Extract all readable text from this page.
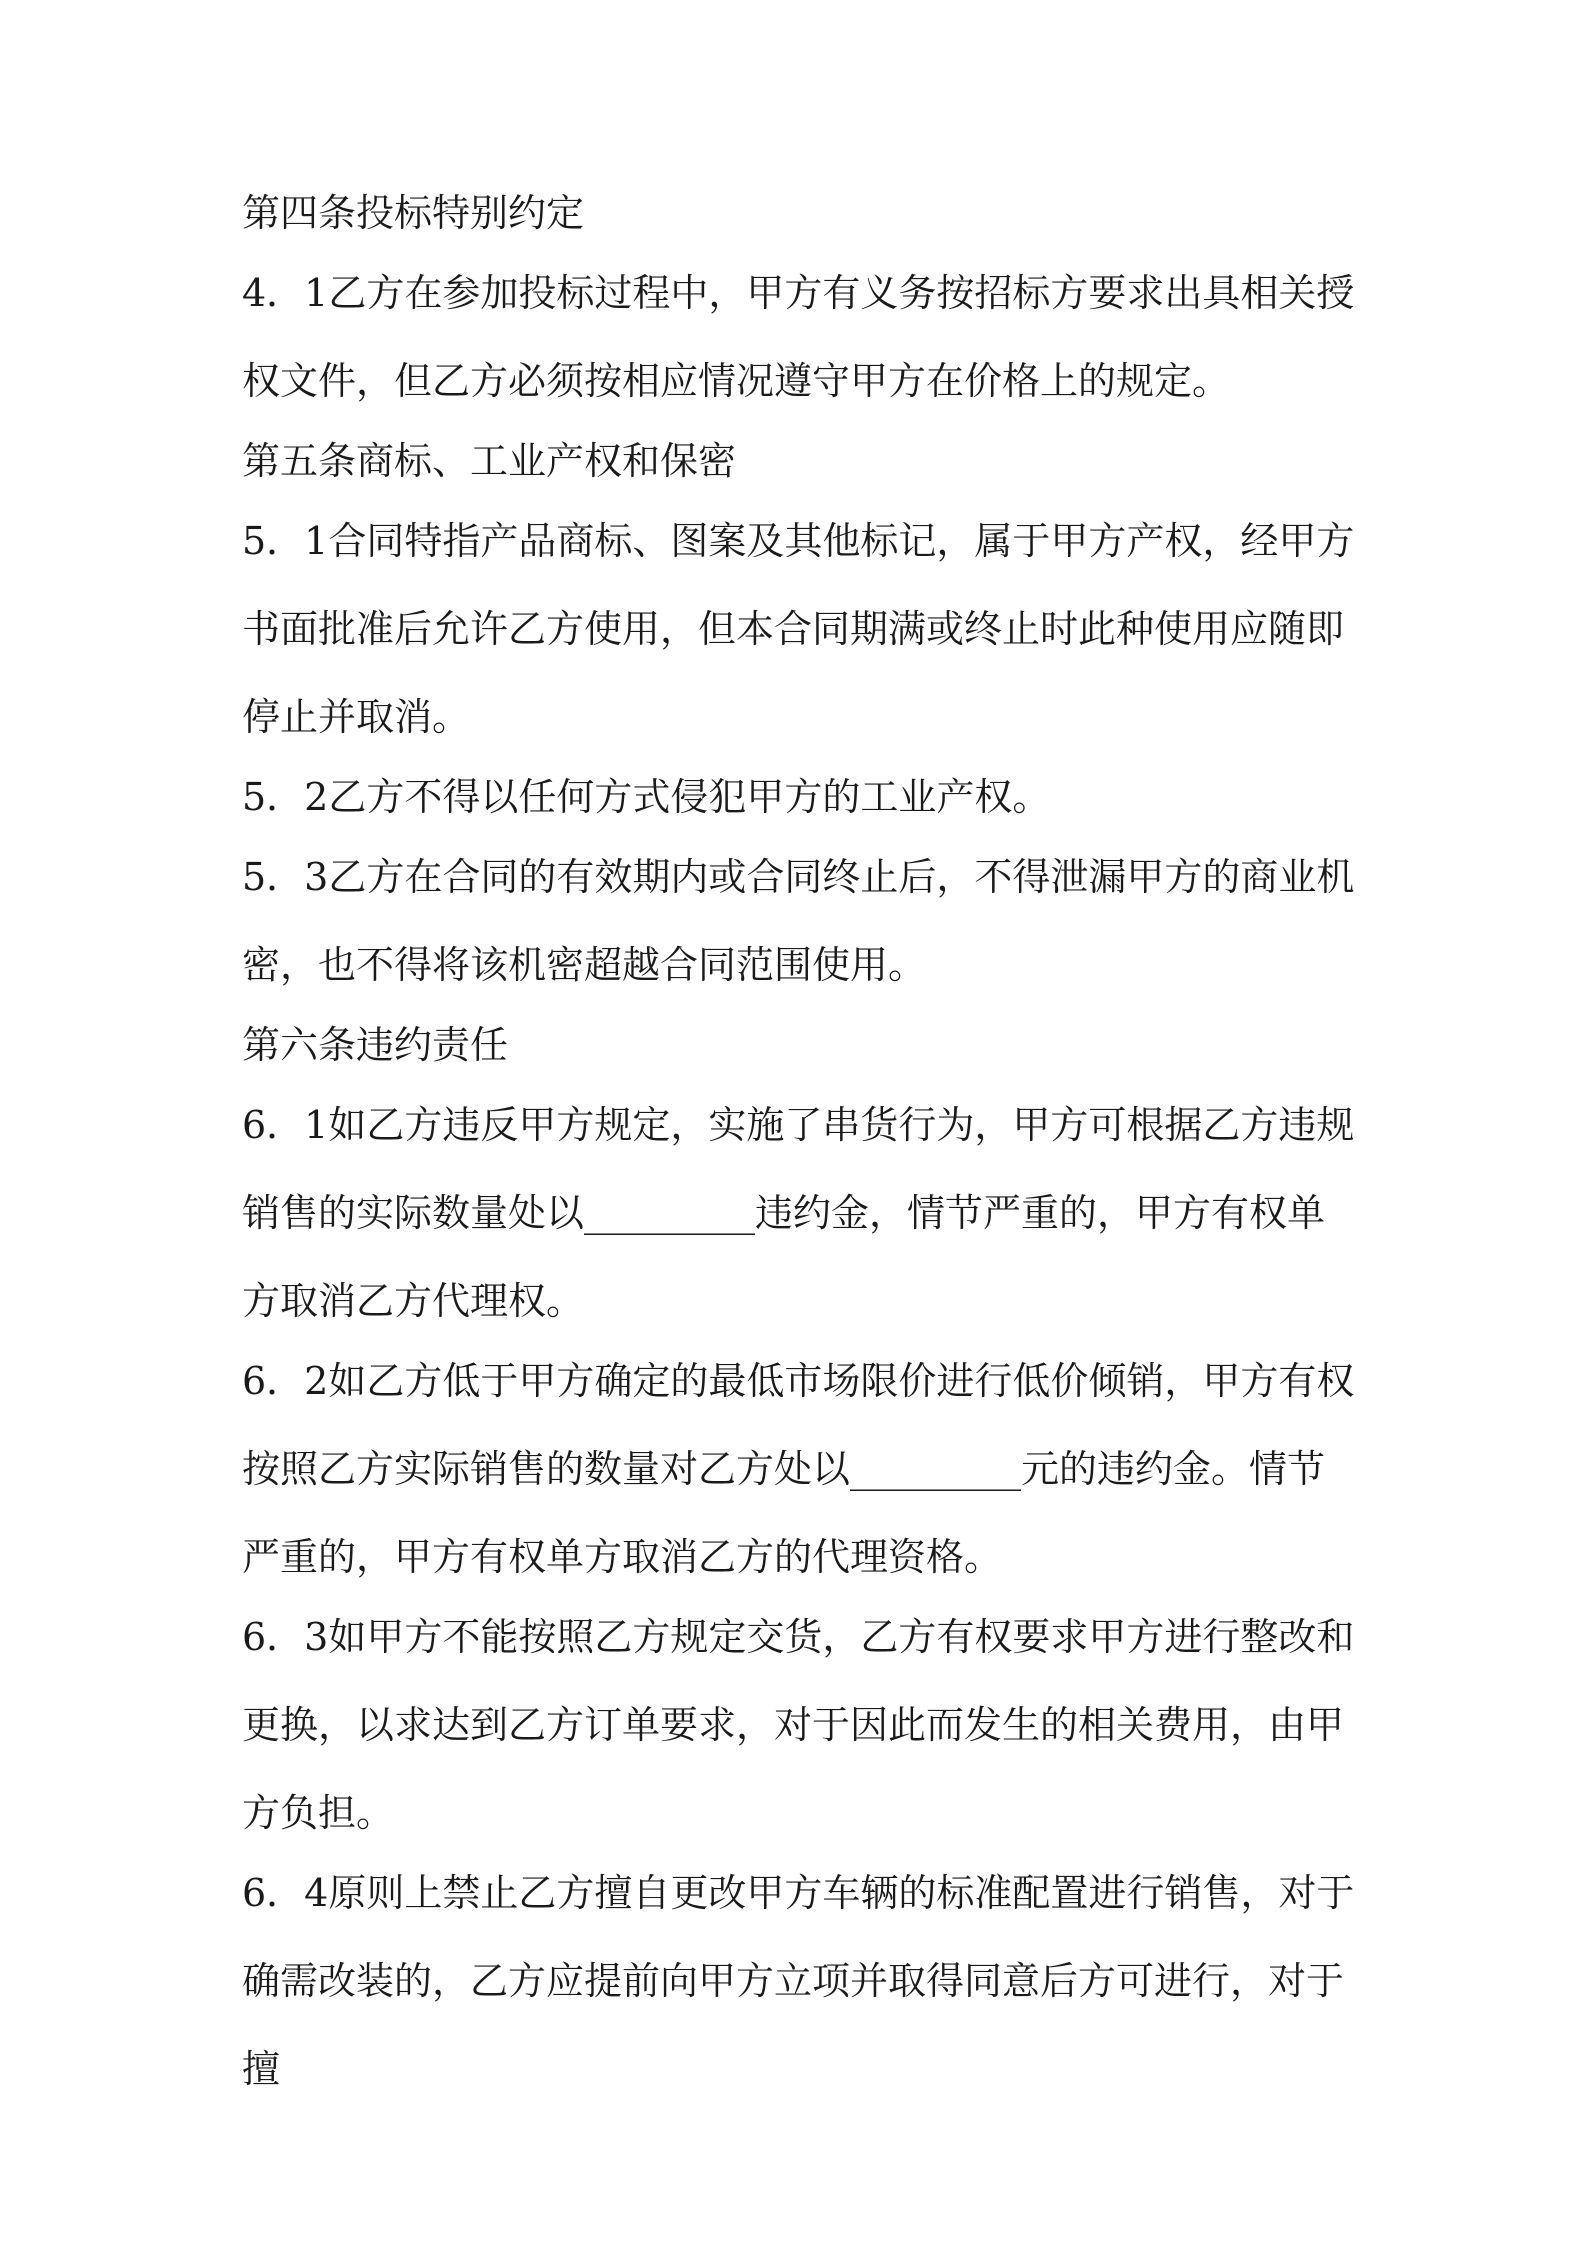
第四条投标特别约定
4．1乙方在参加投标过程中，甲方有义务按招标方要求出具相关授权文件，但乙方必须按相应情况遵守甲方在价格上的规定。
第五条商标、工业产权和保密
5．1合同特指产品商标、图案及其他标记，属于甲方产权，经甲方书面批准后允许乙方使用，但本合同期满或终止时此种使用应随即停止并取消。
5．2乙方不得以任何方式侵犯甲方的工业产权。
5．3乙方在合同的有效期内或合同终止后，不得泄漏甲方的商业机密，也不得将该机密超越合同范围使用。
第六条违约责任
6．1如乙方违反甲方规定，实施了串货行为，甲方可根据乙方违规销售的实际数量处以_________违约金，情节严重的，甲方有权单方取消乙方代理权。
6．2如乙方低于甲方确定的最低市场限价进行低价倾销，甲方有权按照乙方实际销售的数量对乙方处以_________元的违约金。情节严重的，甲方有权单方取消乙方的代理资格。
6．3如甲方不能按照乙方规定交货，乙方有权要求甲方进行整改和更换，以求达到乙方订单要求，对于因此而发生的相关费用，由甲方负担。
6．4原则上禁止乙方擅自更改甲方车辆的标准配置进行销售，对于确需改装的，乙方应提前向甲方立项并取得同意后方可进行，对于擅
